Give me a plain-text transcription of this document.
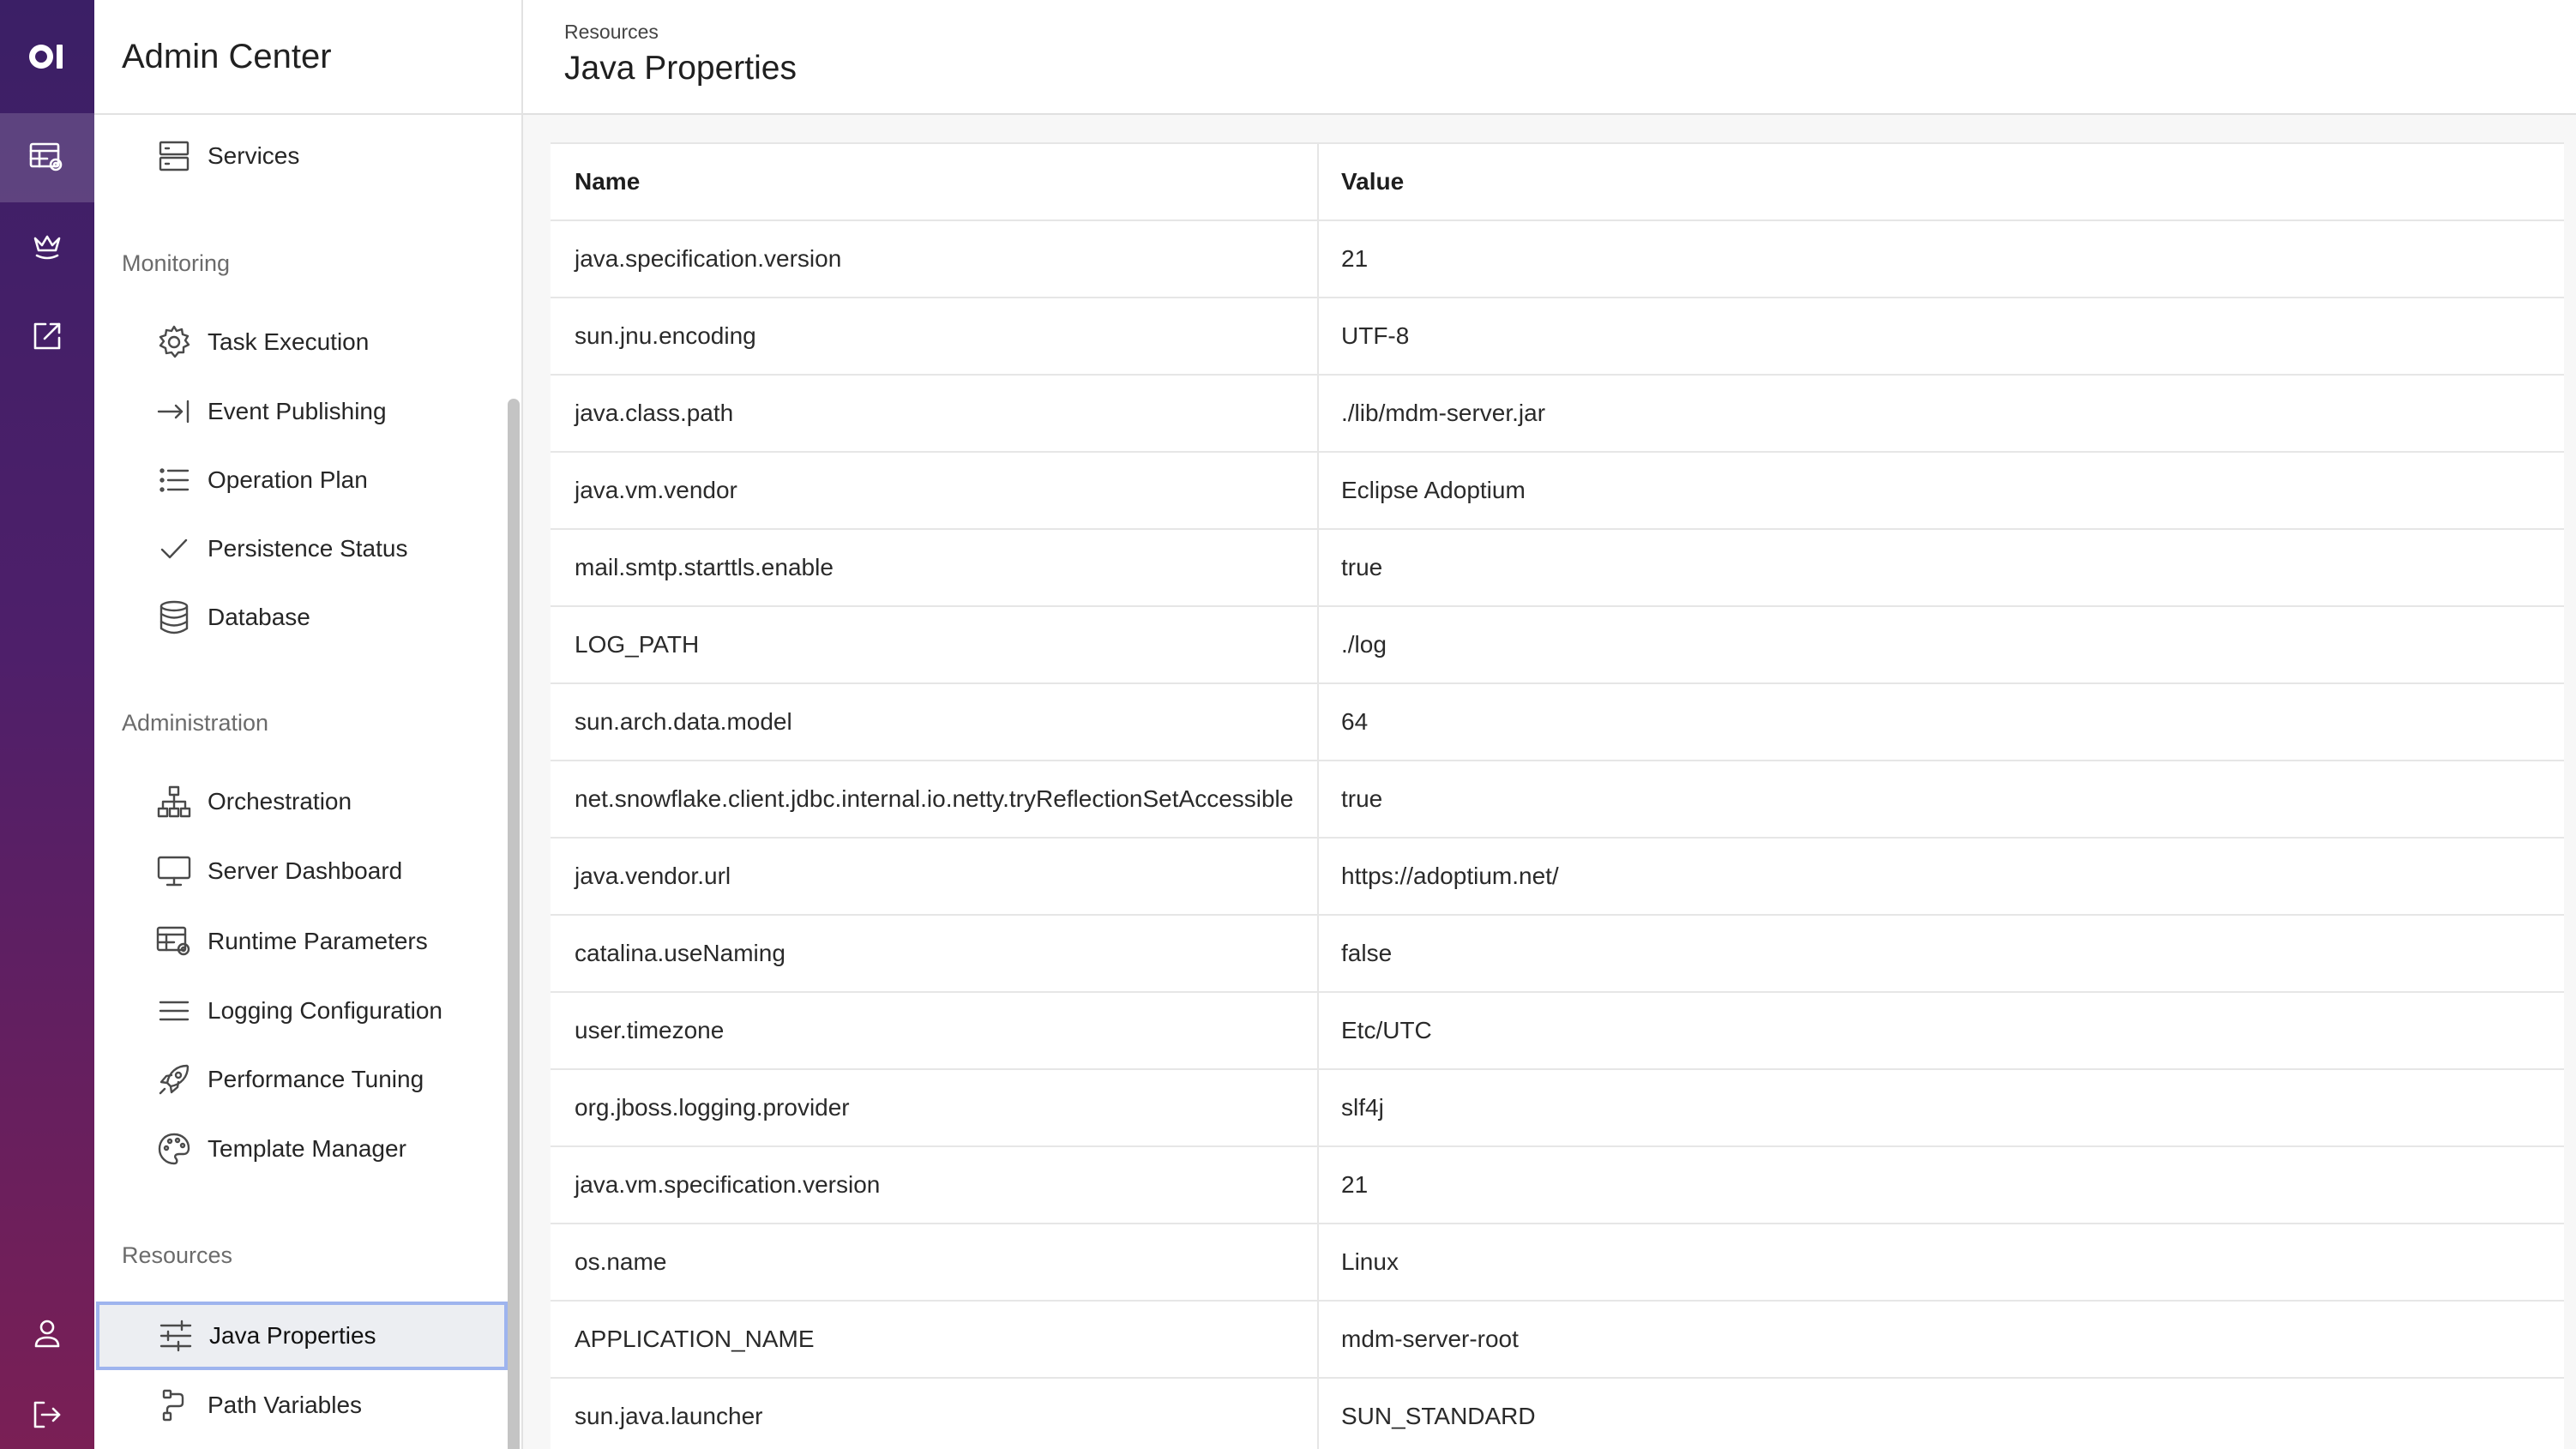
Admin Center
Services
Monitoring
Task Execution
Event Publishing
Operation Plan
Persistence Status
Database
Administration
Orchestration
Server Dashboard
Runtime Parameters
Logging Configuration
Performance Tuning
Template Manager
Resources
Java Properties
Path Variables
Resources
Java Properties
Name	Value
java.specification.version	21
sun.jnu.encoding	UTF-8
java.class.path	./lib/mdm-server.jar
java.vm.vendor	Eclipse Adoptium
mail.smtp.starttls.enable	true
LOG_PATH	./log
sun.arch.data.model	64
net.snowflake.client.jdbc.internal.io.netty.tryReflectionSetAccessible	true
java.vendor.url	https://adoptium.net/
catalina.useNaming	false
user.timezone	Etc/UTC
org.jboss.logging.provider	slf4j
java.vm.specification.version	21
os.name	Linux
APPLICATION_NAME	mdm-server-root
sun.java.launcher	SUN_STANDARD
